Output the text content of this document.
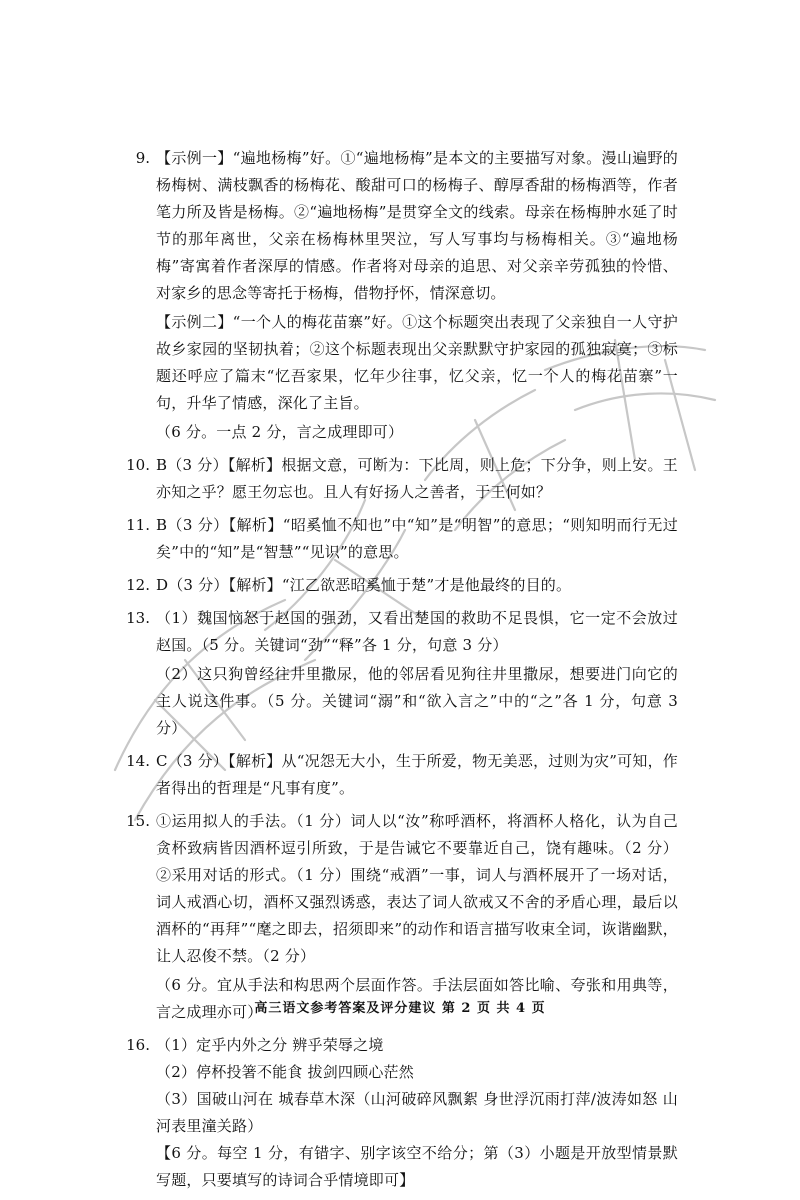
9. 【示例一】“遍地杨梅”好。①“遍地杨梅”是本文的主要描写对象。漫山遍野的杨梅树、满枝飘香的杨梅花、酸甜可口的杨梅子、醇厚香甜的杨梅酒等，作者笔力所及皆是杨梅。②“遍地杨梅”是贯穿全文的线索。母亲在杨梅肿水延了时节的那年离世，父亲在杨梅林里哭泣，写人写事均与杨梅相关。③“遍地杨梅”寄寓着作者深厚的情感。作者将对母亲的追思、对父亲辛劳孤独的怜惜、对家乡的思念等寄托于杨梅，借物抒怀，情深意切。
【示例二】“一个人的梅花苗寨”好。①这个标题突出表现了父亲独自一人守护故乡家园的坚韧执着；②这个标题表现出父亲默默守护家园的孤独寂寞；③标题还呼应了篇末“忆吾家果，忆年少往事，忆父亲，忆一个人的梅花苗寨”一句，升华了情感，深化了主旨。
（6 分。一点 2 分，言之成理即可）
10. B（3 分）【解析】根据文意，可断为：下比周，则上危；下分争，则上安。王亦知之乎？愿王勿忘也。且人有好扬人之善者，于王何如？
11. B（3 分）【解析】“昭奚恤不知也”中“知”是“明智”的意思；“则知明而行无过矣”中的“知”是“智慧”“见识”的意思。
12. D（3 分）【解析】“江乙欲恶昭奚恤于楚”才是他最终的目的。
13. （1）魏国恼怒于赵国的强劲，又看出楚国的救助不足畏惧，它一定不会放过赵国。（5 分。关键词“劲”“释”各 1 分，句意 3 分）
（2）这只狗曾经往井里撒尿，他的邻居看见狗往井里撒尿，想要进门向它的主人说这件事。（5 分。关键词“溺”和“欲入言之”中的“之”各 1 分，句意 3 分）
14. C（3 分）【解析】从“况怨无大小，生于所爱，物无美恶，过则为灾”可知，作者得出的哲理是“凡事有度”。
15. ①运用拟人的手法。（1 分）词人以“汝”称呼酒杯，将酒杯人格化，认为自己贪杯致病皆因酒杯逗引所致，于是告诫它不要靠近自己，饶有趣味。（2 分）②采用对话的形式。（1 分）围绕“戒酒”一事，词人与酒杯展开了一场对话，词人戒酒心切，酒杯又强烈诱惑，表达了词人欲戒又不舍的矛盾心理，最后以酒杯的“再拜”“麾之即去，招须即来”的动作和语言描写收束全词，诙谐幽默，让人忍俊不禁。（2 分）
（6 分。宜从手法和构思两个层面作答。手法层面如答比喻、夸张和用典等，言之成理亦可）
16. （1）定乎内外之分 辨乎荣辱之境
（2）停杯投箸不能食 拔剑四顾心茫然
（3）国破山河在 城春草木深（山河破碎风飘絮 身世浮沉雨打萍/波涛如怒 山河表里潼关路）
【6 分。每空 1 分，有错字、别字该空不给分；第（3）小题是开放型情景默写题，只要填写的诗词合乎情境即可】
高三语文参考答案及评分建议 第 2 页 共 4 页
